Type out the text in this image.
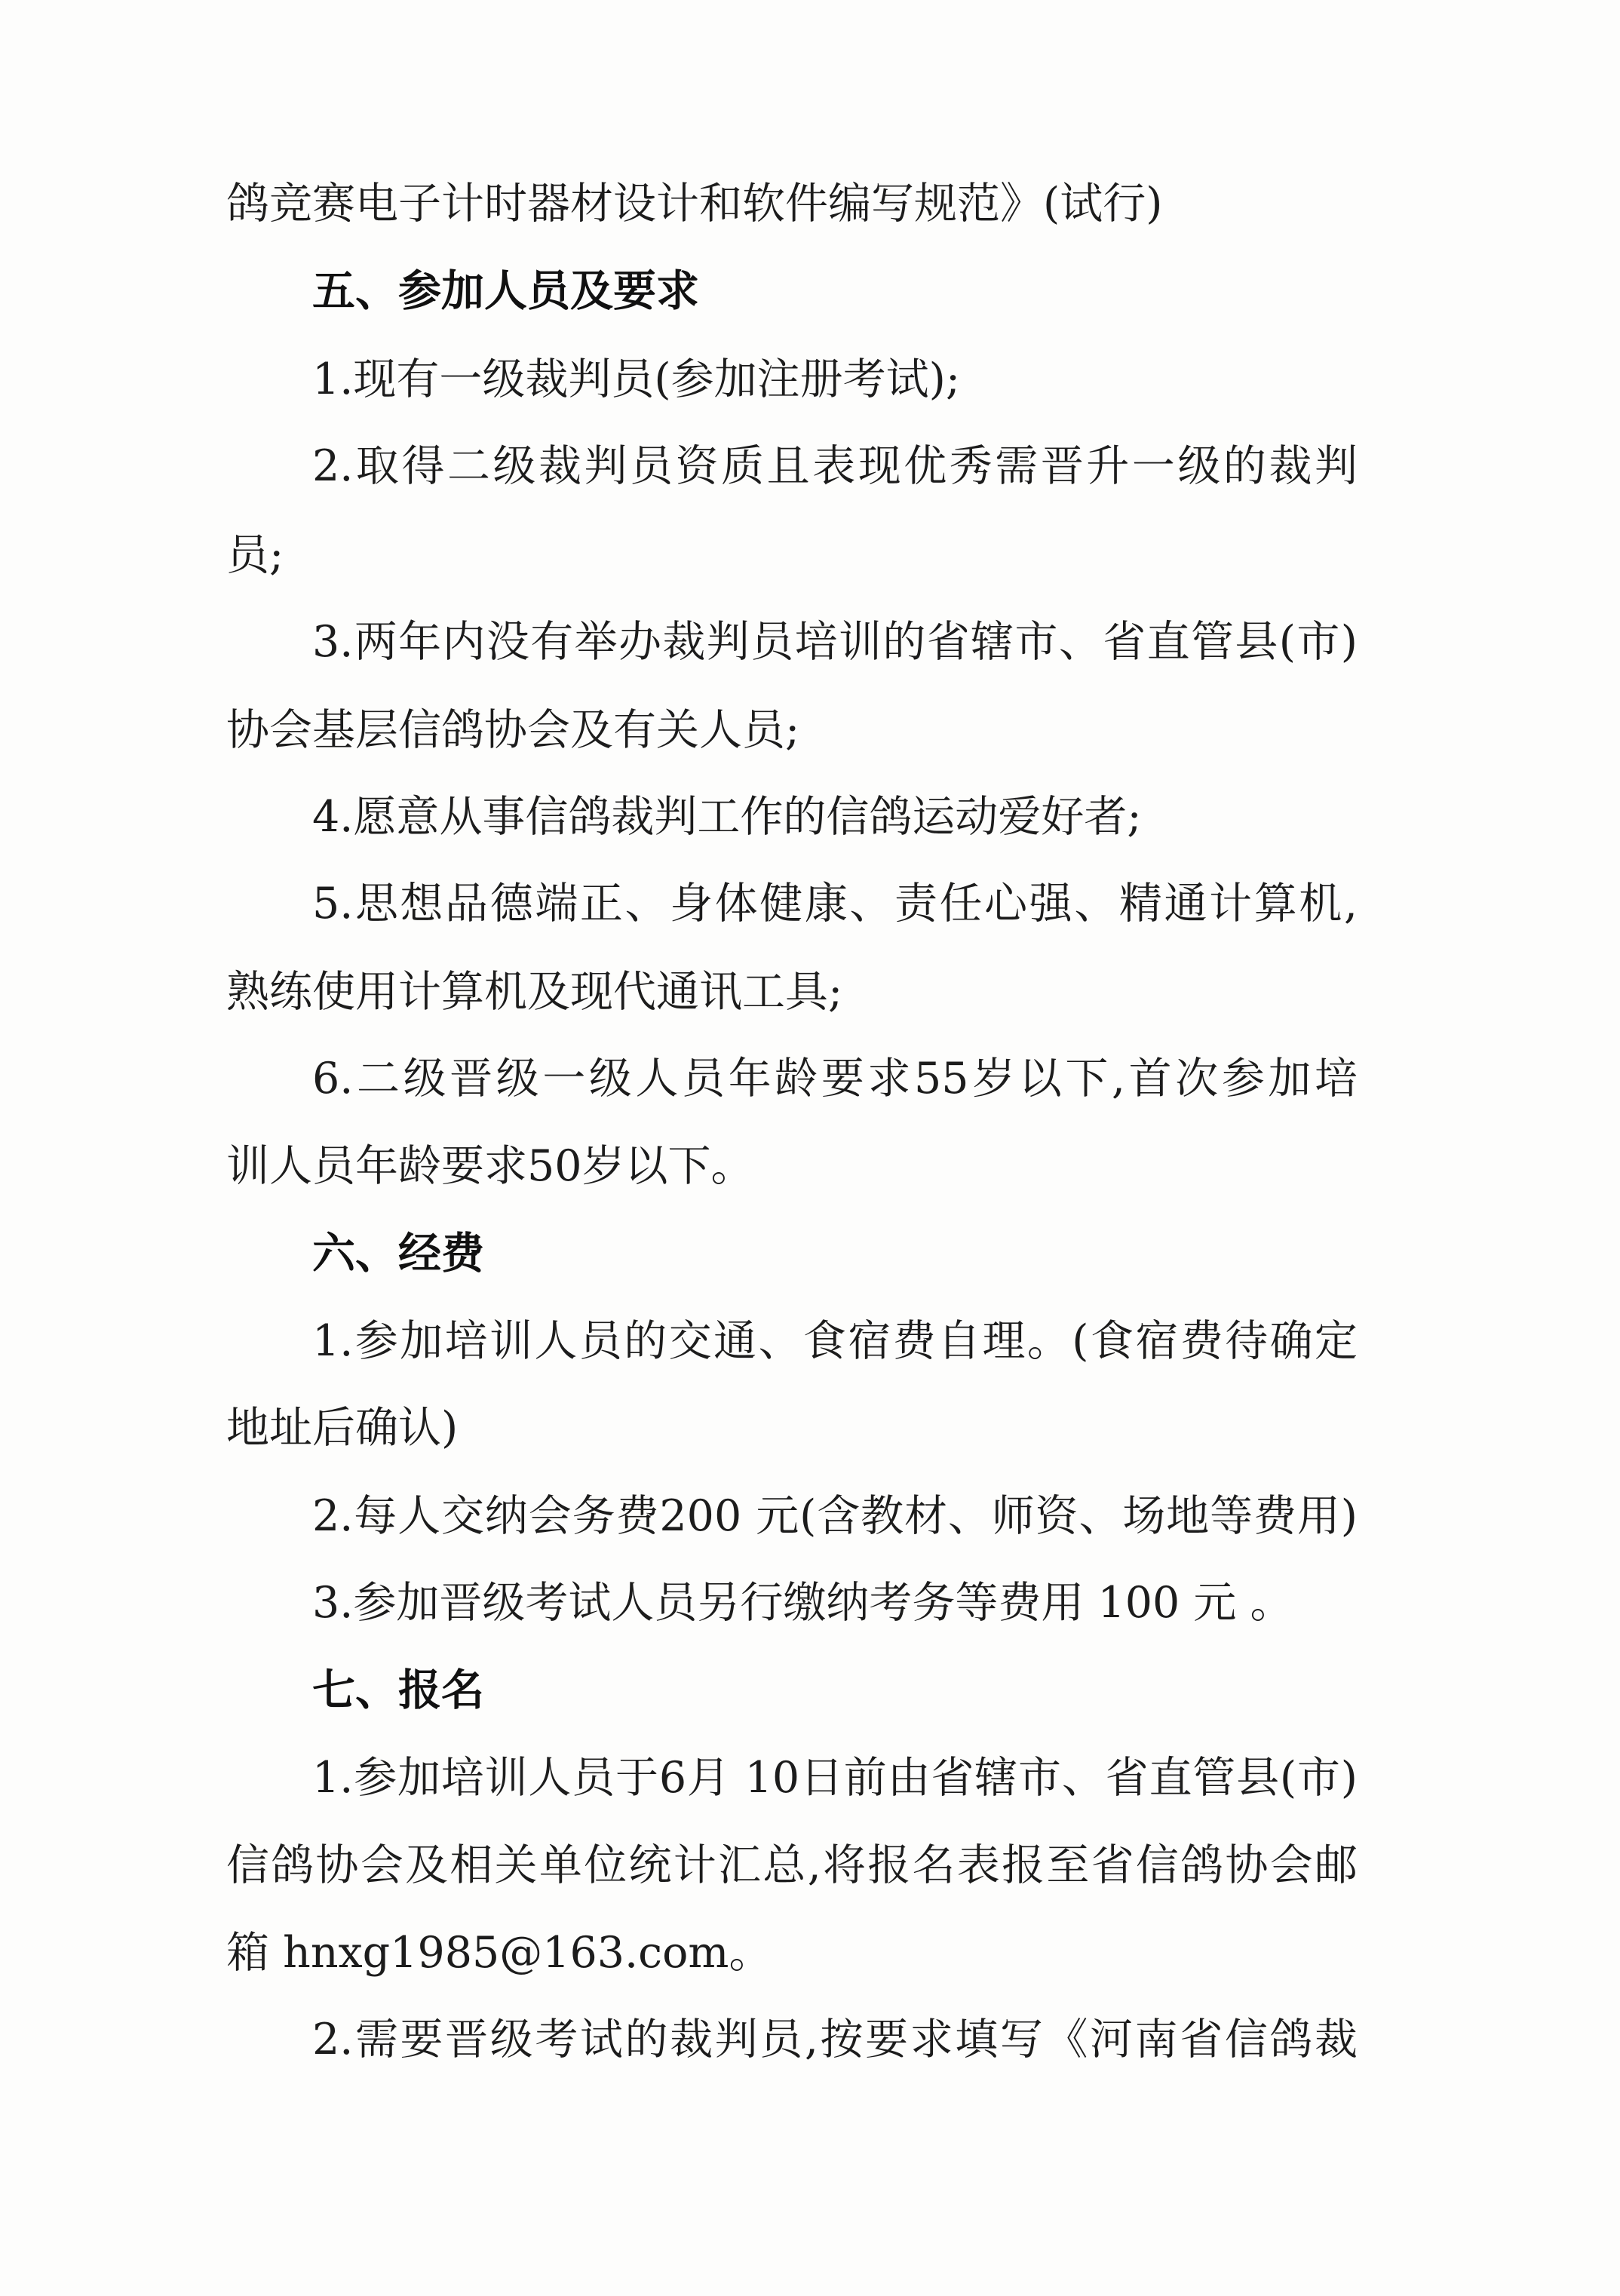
鸽竞赛电子计时器材设计和软件编写规范》(试行)
五、参加人员及要求
1.现有一级裁判员(参加注册考试);
2.取得二级裁判员资质且表现优秀需晋升一级的裁判
员;
3.两年内没有举办裁判员培训的省辖市、省直管县(市)
协会基层信鸽协会及有关人员;
4.愿意从事信鸽裁判工作的信鸽运动爱好者;
5.思想品德端正、身体健康、责任心强、精通计算机,
熟练使用计算机及现代通讯工具;
6.二级晋级一级人员年龄要求55岁以下,首次参加培
训人员年龄要求50岁以下。
六、经费
1.参加培训人员的交通、食宿费自理。(食宿费待确定
地址后确认)
2.每人交纳会务费200 元(含教材、师资、场地等费用)
3.参加晋级考试人员另行缴纳考务等费用 100 元 。
七、报名
1.参加培训人员于6月 10日前由省辖市、省直管县(市)
信鸽协会及相关单位统计汇总,将报名表报至省信鸽协会邮
箱 hnxg1985@163.com。
2.需要晋级考试的裁判员,按要求填写《河南省信鸽裁
